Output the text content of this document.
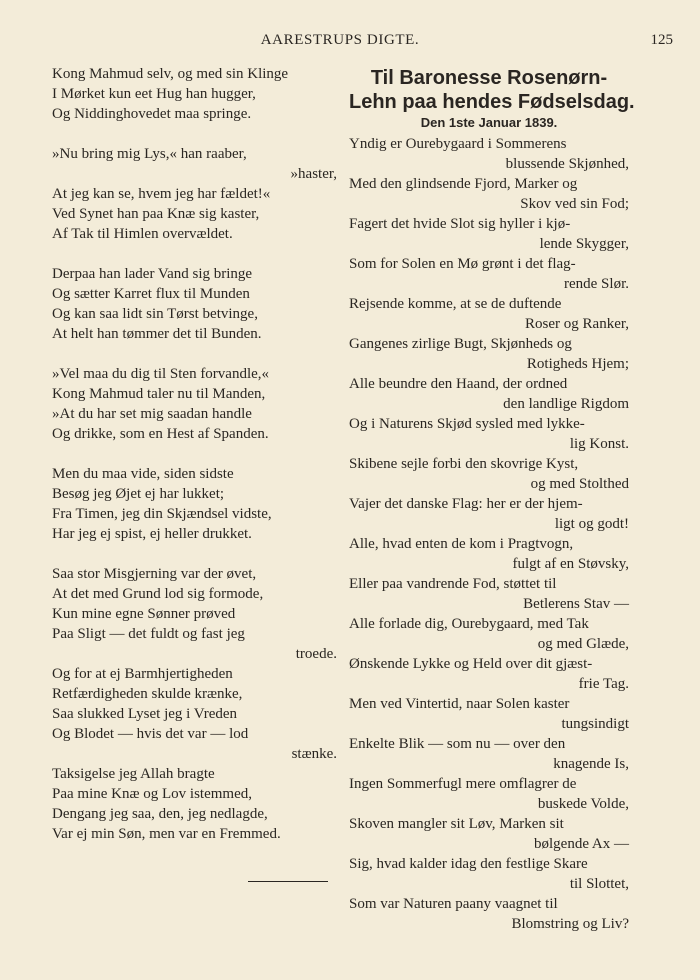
AARESTRUPS DIGTE.	125
Kong Mahmud selv, og med sin Klinge
I Mørket kun eet Hug han hugger,
Og Niddinghovedet maa springe.
»Nu bring mig Lys,« han raaber,
»haster,
At jeg kan se, hvem jeg har fældet!«
Ved Synet han paa Knæ sig kaster,
Af Tak til Himlen overvældet.
Derpaa han lader Vand sig bringe
Og sætter Karret flux til Munden
Og kan saa lidt sin Tørst betvinge,
At helt han tømmer det til Bunden.
»Vel maa du dig til Sten forvandle,«
Kong Mahmud taler nu til Manden,
»At du har set mig saadan handle
Og drikke, som en Hest af Spanden.
Men du maa vide, siden sidste
Besøg jeg Øjet ej har lukket;
Fra Timen, jeg din Skjændsel vidste,
Har jeg ej spist, ej heller drukket.
Saa stor Misgjerning var der øvet,
At det med Grund lod sig formode,
Kun mine egne Sønner prøved
Paa Sligt — det fuldt og fast jeg
troede.
Og for at ej Barmhjertigheden
Retfærdigheden skulde krænke,
Saa slukked Lyset jeg i Vreden
Og Blodet — hvis det var — lod
stænke.
Taksigelse jeg Allah bragte
Paa mine Knæ og Lov istemmed,
Dengang jeg saa, den, jeg nedlagde,
Var ej min Søn, men var en Fremmed.
Til Baronesse Rosenørn-
Lehn paa hendes Fødselsdag.
Den 1ste Januar 1839.
Yndig er Ourebygaard i Sommerens
blussende Skjønhed,
Med den glindsende Fjord, Marker og
Skov ved sin Fod;
Fagert det hvide Slot sig hyller i kjø-
lende Skygger,
Som for Solen en Mø grønt i det flag-
rende Slør.
Rejsende komme, at se de duftende
Roser og Ranker,
Gangenes zirlige Bugt, Skjønheds og
Rotigheds Hjem;
Alle beundre den Haand, der ordned
den landlige Rigdom
Og i Naturens Skjød sysled med lykke-
lig Konst.
Skibene sejle forbi den skovrige Kyst,
og med Stolthed
Vajer det danske Flag: her er der hjem-
ligt og godt!
Alle, hvad enten de kom i Pragtvogn,
fulgt af en Støvsky,
Eller paa vandrende Fod, støttet til
Betlerens Stav —
Alle forlade dig, Ourebygaard, med Tak
og med Glæde,
Ønskende Lykke og Held over dit gjæst-
frie Tag.
Men ved Vintertid, naar Solen kaster
tungsindigt
Enkelte Blik — som nu — over den
knagende Is,
Ingen Sommerfugl mere omflagrer de
buskede Volde,
Skoven mangler sit Løv, Marken sit
bølgende Ax —
Sig, hvad kalder idag den festlige Skare
til Slottet,
Som var Naturen paany vaagnet til
Blomstring og Liv?
